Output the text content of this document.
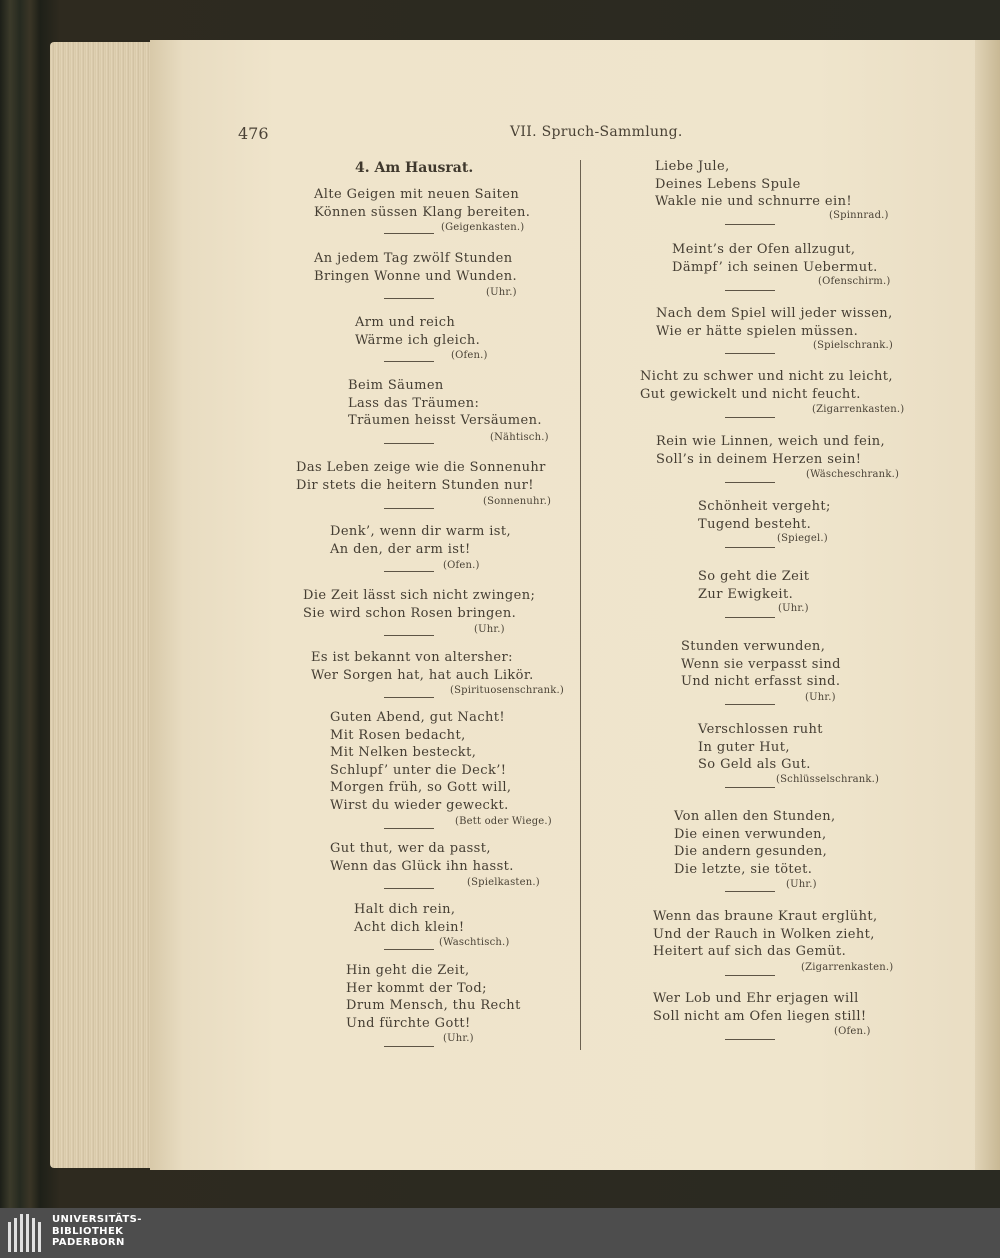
476	VII. Spruch-Sammlung.
4. Am Hausrat.
Alte Geigen mit neuen Saiten
Können süssen Klang bereiten.
(Geigenkasten.)
An jedem Tag zwölf Stunden
Bringen Wonne und Wunden.
(Uhr.)
Arm und reich
Wärme ich gleich.
(Ofen.)
Beim Säumen
Lass das Träumen:
Träumen heisst Versäumen.
(Nähtisch.)
Das Leben zeige wie die Sonnenuhr
Dir stets die heitern Stunden nur!
(Sonnenuhr.)
Denk’, wenn dir warm ist,
An den, der arm ist!
(Ofen.)
Die Zeit lässt sich nicht zwingen;
Sie wird schon Rosen bringen.
(Uhr.)
Es ist bekannt von altersher:
Wer Sorgen hat, hat auch Likör.
(Spirituosenschrank.)
Guten Abend, gut Nacht!
Mit Rosen bedacht,
Mit Nelken besteckt,
Schlupf’ unter die Deck’!
Morgen früh, so Gott will,
Wirst du wieder geweckt.
(Bett oder Wiege.)
Gut thut, wer da passt,
Wenn das Glück ihn hasst.
(Spielkasten.)
Halt dich rein,
Acht dich klein!
(Waschtisch.)
Hin geht die Zeit,
Her kommt der Tod;
Drum Mensch, thu Recht
Und fürchte Gott!
(Uhr.)
Liebe Jule,
Deines Lebens Spule
Wakle nie und schnurre ein!
(Spinnrad.)
Meint’s der Ofen allzugut,
Dämpf’ ich seinen Uebermut.
(Ofenschirm.)
Nach dem Spiel will jeder wissen,
Wie er hätte spielen müssen.
(Spielschrank.)
Nicht zu schwer und nicht zu leicht,
Gut gewickelt und nicht feucht.
(Zigarrenkasten.)
Rein wie Linnen, weich und fein,
Soll’s in deinem Herzen sein!
(Wäscheschrank.)
Schönheit vergeht;
Tugend besteht.
(Spiegel.)
So geht die Zeit
Zur Ewigkeit.
(Uhr.)
Stunden verwunden,
Wenn sie verpasst sind
Und nicht erfasst sind.
(Uhr.)
Verschlossen ruht
In guter Hut,
So Geld als Gut.
(Schlüsselschrank.)
Von allen den Stunden,
Die einen verwunden,
Die andern gesunden,
Die letzte, sie tötet.
(Uhr.)
Wenn das braune Kraut erglüht,
Und der Rauch in Wolken zieht,
Heitert auf sich das Gemüt.
(Zigarrenkasten.)
Wer Lob und Ehr erjagen will
Soll nicht am Ofen liegen still!
(Ofen.)
UNIVERSITÄTS-
BIBLIOTHEK
PADERBORN
